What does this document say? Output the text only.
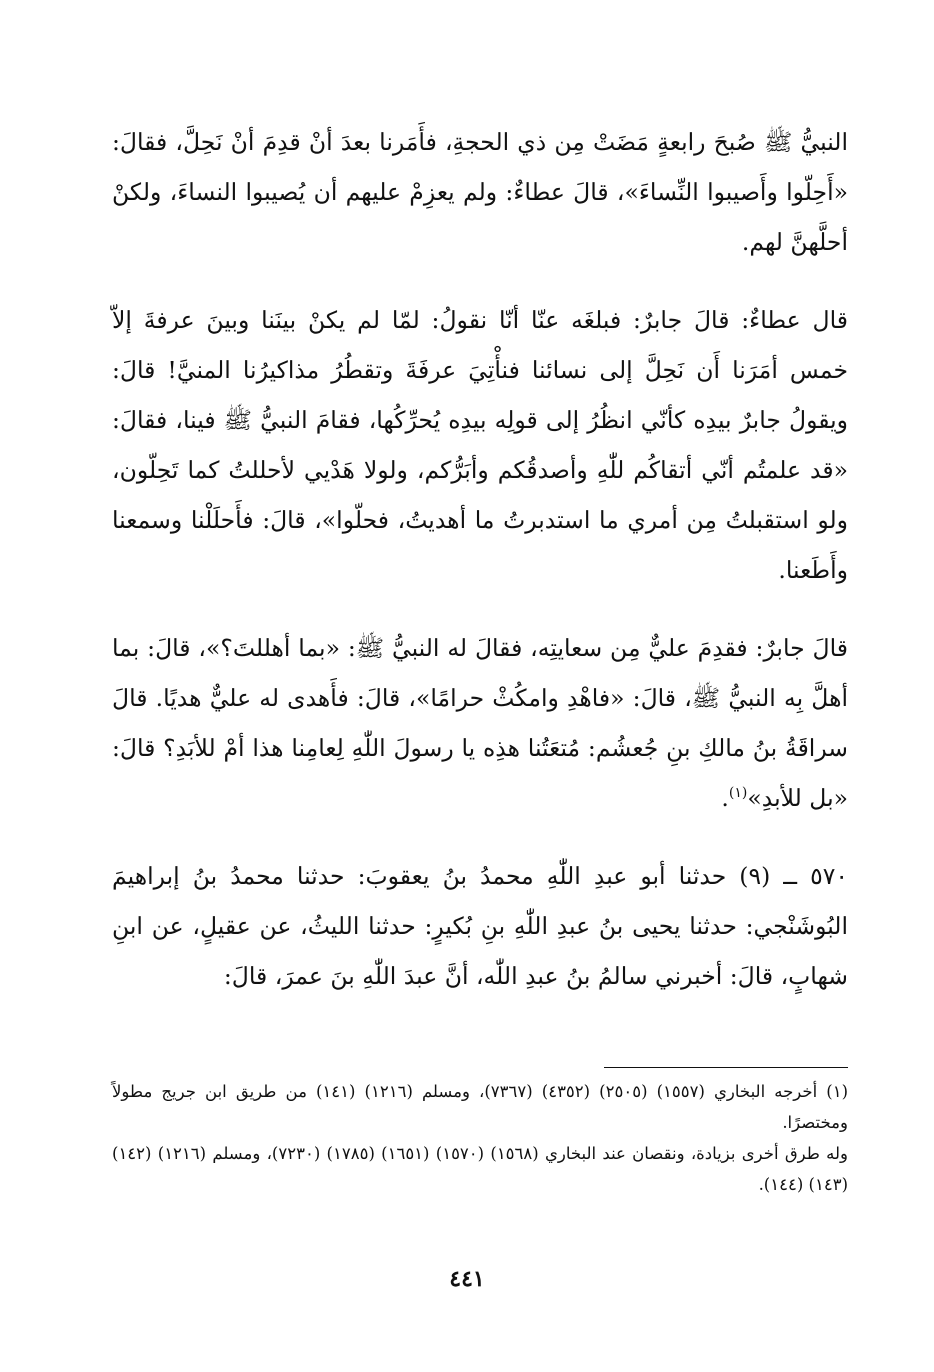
النبيُّ ﷺ صُبحَ رابعةٍ مَضَتْ مِن ذي الحجةِ، فأَمَرنا بعدَ أنْ قدِمَ أنْ نَحِلَّ، فقالَ: «أَحِلّوا وأَصيبوا النِّساءَ»، قالَ عطاءٌ: ولم يعزِمْ عليهم أن يُصيبوا النساءَ، ولكنْ أحلَّهنَّ لهم.

قال عطاءٌ: قالَ جابرٌ: فبلغَه عنّا أنّا نقولُ: لمّا لم يكنْ بينَنا وبينَ عرفةَ إلاّ خمس أمَرَنا أَن نَحِلَّ إلى نسائنا فنأْتِيَ عرفَةَ وتقطُرُ مذاكيرُنا المنيَّ! قالَ: ويقولُ جابرٌ بيدِه كأنّي انظُرُ إلى قولِه بيدِه يُحرِّكُها، فقامَ النبيُّ ﷺ فينا، فقالَ: «قد علمتُم أنّي أتقاكُم للّٰهِ وأصدقُكم وأبَرُّكم، ولولا هَدْيي لأحللتُ كما تَحِلّون، ولو استقبلتُ مِن أمري ما استدبرتُ ما أهديتُ، فحلّوا»، قالَ: فأَحلَلْنا وسمعنا وأَطَعنا.

قالَ جابرٌ: فقدِمَ عليٌّ مِن سعايتِه، فقالَ له النبيُّ ﷺ: «بما أهللتَ؟»، قالَ: بما أهلَّ بِه النبيُّ ﷺ، قالَ: «فاهْدِ وامكُثْ حرامًا»، قالَ: فأَهدى له عليٌّ هديًا. قالَ سراقَةُ بنُ مالكِ بنِ جُعشُم: مُتعَتُنا هذِه يا رسولَ اللّٰهِ لِعامِنا هذا أمْ للأبَدِ؟ قالَ: «بل للأبدِ»$^{(١)}$.

٥٧٠ ــ (٩) حدثنا أبو عبدِ اللّٰهِ محمدُ بنُ يعقوبَ: حدثنا محمدُ بنُ إبراهيمَ البُوشَنْجي: حدثنا يحيى بنُ عبدِ اللّٰهِ بنِ بُكيرٍ: حدثنا الليثُ، عن عقيلٍ، عن ابنِ شهابٍ، قالَ: أخبرني سالمُ بنُ عبدِ اللّٰه، أنَّ عبدَ اللّٰهِ بنَ عمرَ، قالَ:

(١) أخرجه البخاري (١٥٥٧) (٢٥٠٥) (٤٣٥٢) (٧٣٦٧)، ومسلم (١٢١٦) (١٤١) من طريق ابن جريج مطولاً ومختصرًا.

وله طرق أخرى بزيادة، ونقصان عند البخاري (١٥٦٨) (١٥٧٠) (١٦٥١) (١٧٨٥) (٧٢٣٠)، ومسلم (١٢١٦) (١٤٢) (١٤٣) (١٤٤).

٤٤١
